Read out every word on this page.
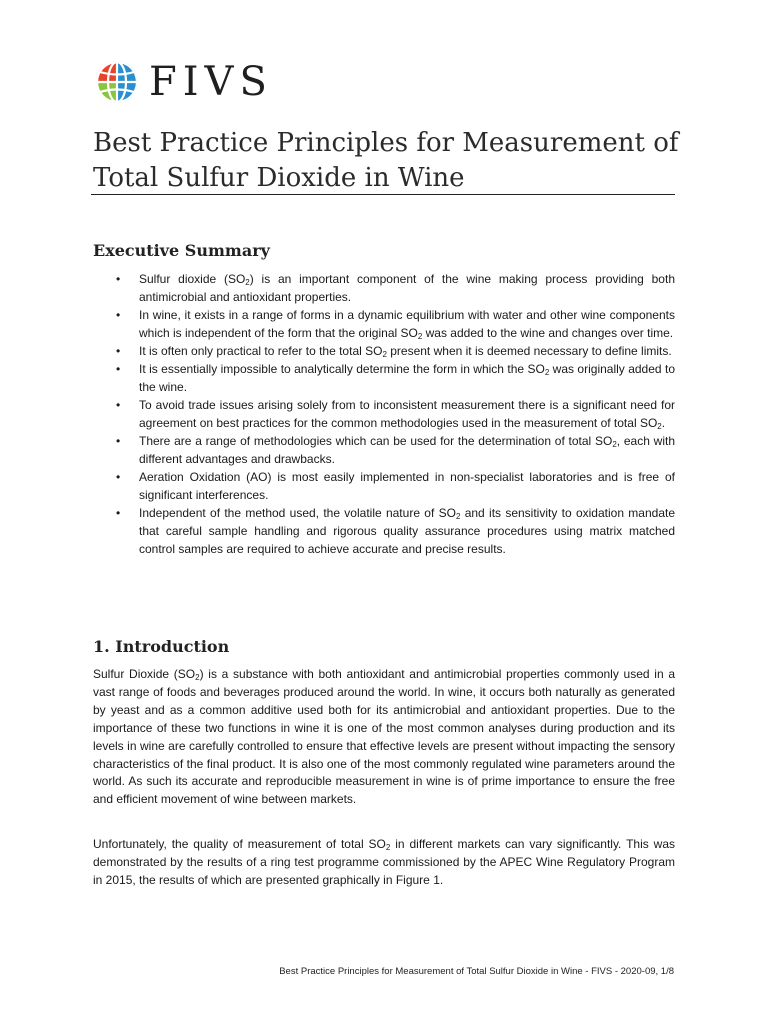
FIVS
Best Practice Principles for Measurement of Total Sulfur Dioxide in Wine
Executive Summary
• Sulfur dioxide $(SO_2)$ is an important component of the wine making process providing both antimicrobial and antioxidant properties.
• In wine, it exists in a range of forms in a dynamic equilibrium with water and other wine components which is independent of the form that the original $SO_2$ was added to the wine and changes over time.
• It is often only practical to refer to the total $SO_2$ present when it is deemed necessary to define limits.
• It is essentially impossible to analytically determine the form in which the $SO_2$ was originally added to the wine.
• To avoid trade issues arising solely from to inconsistent measurement there is a significant need for agreement on best practices for the common methodologies used in the measurement of total $SO_2$.
• There are a range of methodologies which can be used for the determination of total $SO_2$, each with different advantages and drawbacks.
• Aeration Oxidation (AO) is most easily implemented in non-specialist laboratories and is free of significant interferences.
• Independent of the method used, the volatile nature of $SO_2$ and its sensitivity to oxidation mandate that careful sample handling and rigorous quality assurance procedures using matrix matched control samples are required to achieve accurate and precise results.
1. Introduction

Sulfur Dioxide $(SO_2)$ is a substance with both antioxidant and antimicrobial properties commonly used in a vast range of foods and beverages produced around the world. In wine, it occurs both naturally as generated by yeast and as a common additive used both for its antimicrobial and antioxidant properties. Due to the importance of these two functions in wine it is one of the most common analyses during production and its levels in wine are carefully controlled to ensure that effective levels are present without impacting the sensory characteristics of the final product. It is also one of the most commonly regulated wine parameters around the world. As such its accurate and reproducible measurement in wine is of prime importance to ensure the free and efficient movement of wine between markets.

Unfortunately, the quality of measurement of total $SO_2$ in different markets can vary significantly. This was demonstrated by the results of a ring test programme commissioned by the APEC Wine Regulatory Program in 2015, the results of which are presented graphically in Figure 1.

Best Practice Principles for Measurement of Total Sulfur Dioxide in Wine - FIVS - 2020-09, 1/8
